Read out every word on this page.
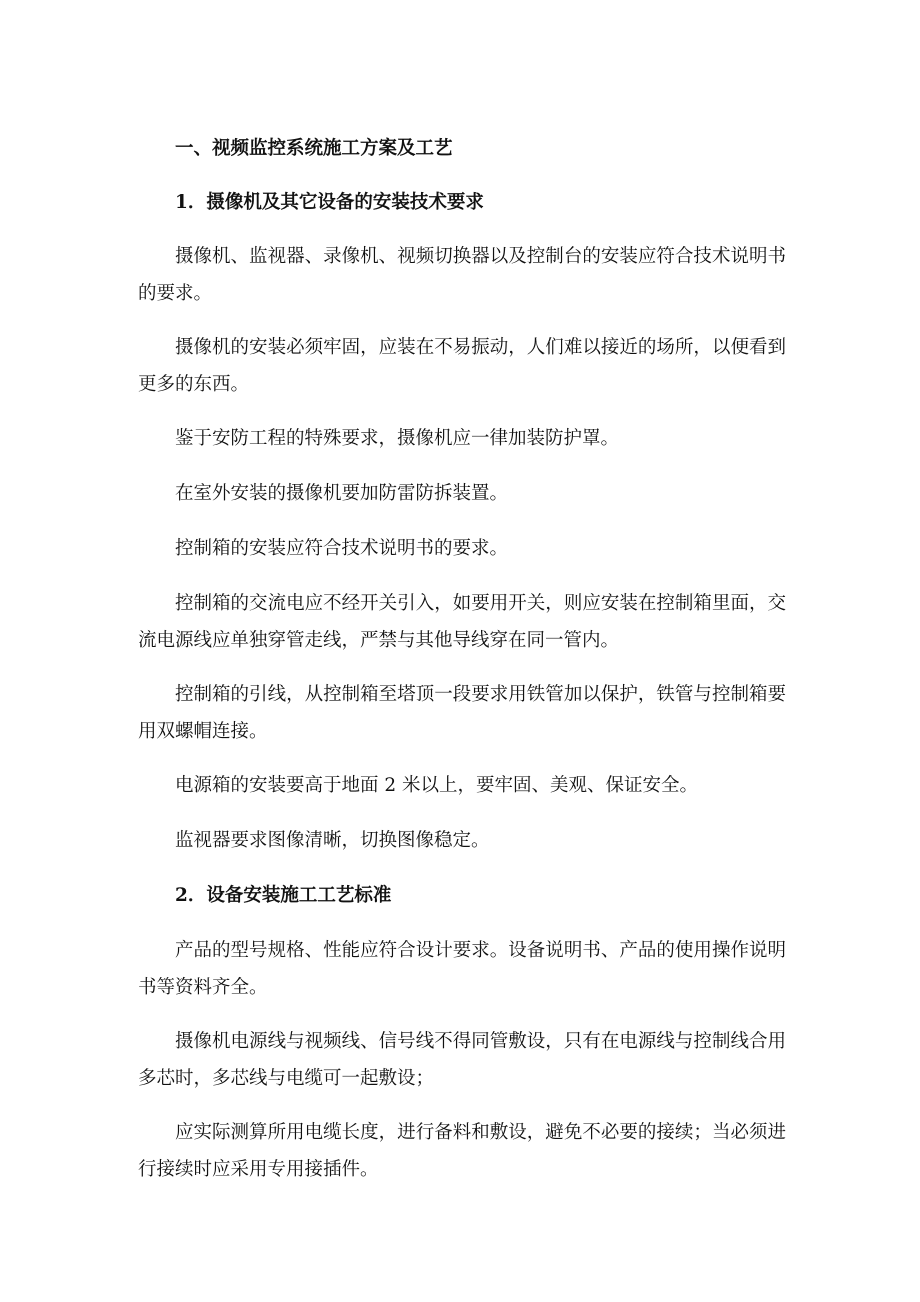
一、视频监控系统施工方案及工艺
1．摄像机及其它设备的安装技术要求
摄像机、监视器、录像机、视频切换器以及控制台的安装应符合技术说明书的要求。
摄像机的安装必须牢固，应装在不易振动，人们难以接近的场所，以便看到更多的东西。
鉴于安防工程的特殊要求，摄像机应一律加装防护罩。
在室外安装的摄像机要加防雷防拆装置。
控制箱的安装应符合技术说明书的要求。
控制箱的交流电应不经开关引入，如要用开关，则应安装在控制箱里面，交流电源线应单独穿管走线，严禁与其他导线穿在同一管内。
控制箱的引线，从控制箱至塔顶一段要求用铁管加以保护，铁管与控制箱要用双螺帽连接。
电源箱的安装要高于地面 2 米以上，要牢固、美观、保证安全。
监视器要求图像清晰，切换图像稳定。
2．设备安装施工工艺标准
产品的型号规格、性能应符合设计要求。设备说明书、产品的使用操作说明书等资料齐全。
摄像机电源线与视频线、信号线不得同管敷设，只有在电源线与控制线合用多芯时，多芯线与电缆可一起敷设；
应实际测算所用电缆长度，进行备料和敷设，避免不必要的接续；当必须进行接续时应采用专用接插件。
